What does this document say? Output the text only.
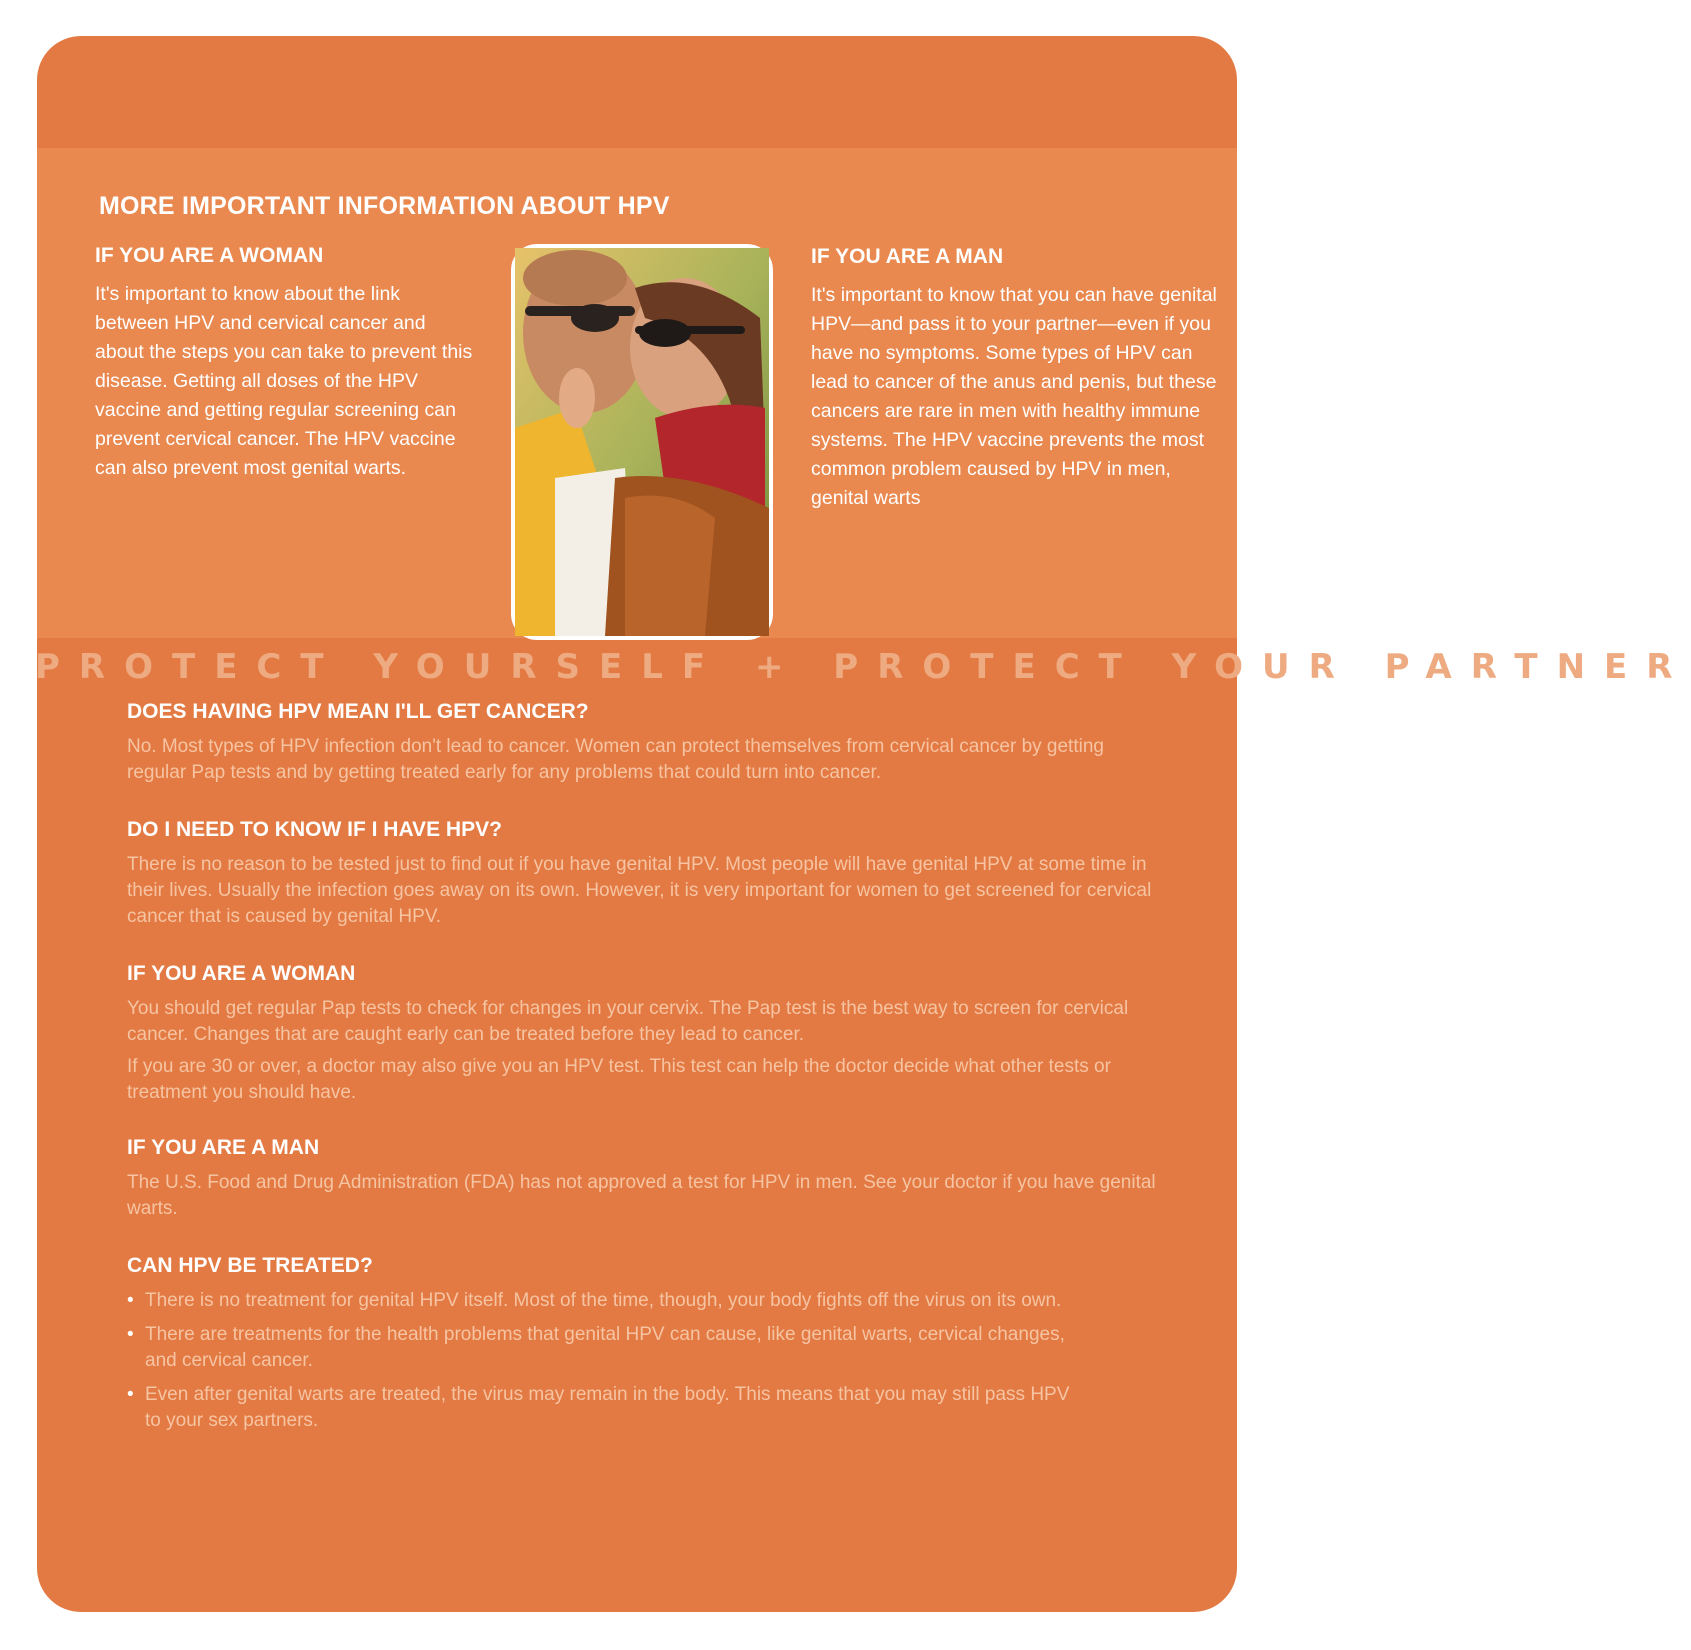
MORE IMPORTANT INFORMATION ABOUT HPV
IF YOU ARE A WOMAN

It's important to know about the link between HPV and cervical cancer and about the steps you can take to prevent this disease. Getting all doses of the HPV vaccine and getting regular screening can prevent cervical cancer. The HPV vaccine can also prevent most genital warts.

IF YOU ARE A MAN

It's important to know that you can have genital HPV—and pass it to your partner—even if you have no symptoms. Some types of HPV can lead to cancer of the anus and penis, but these cancers are rare in men with healthy immune systems. The HPV vaccine prevents the most common problem caused by HPV in men, genital warts

PROTECT YOURSELF + PROTECT YOUR PARTNER
DOES HAVING HPV MEAN I'LL GET CANCER?

No. Most types of HPV infection don't lead to cancer. Women can protect themselves from cervical cancer by getting regular Pap tests and by getting treated early for any problems that could turn into cancer.

DO I NEED TO KNOW IF I HAVE HPV?

There is no reason to be tested just to find out if you have genital HPV. Most people will have genital HPV at some time in their lives. Usually the infection goes away on its own. However, it is very important for women to get screened for cervical cancer that is caused by genital HPV.

IF YOU ARE A WOMAN

You should get regular Pap tests to check for changes in your cervix. The Pap test is the best way to screen for cervical cancer. Changes that are caught early can be treated before they lead to cancer.

If you are 30 or over, a doctor may also give you an HPV test. This test can help the doctor decide what other tests or treatment you should have.

IF YOU ARE A MAN

The U.S. Food and Drug Administration (FDA) has not approved a test for HPV in men. See your doctor if you have genital warts.

CAN HPV BE TREATED?
• There is no treatment for genital HPV itself. Most of the time, though, your body fights off the virus on its own.
• There are treatments for the health problems that genital HPV can cause, like genital warts, cervical changes, and cervical cancer.
• Even after genital warts are treated, the virus may remain in the body. This means that you may still pass HPV to your sex partners.
